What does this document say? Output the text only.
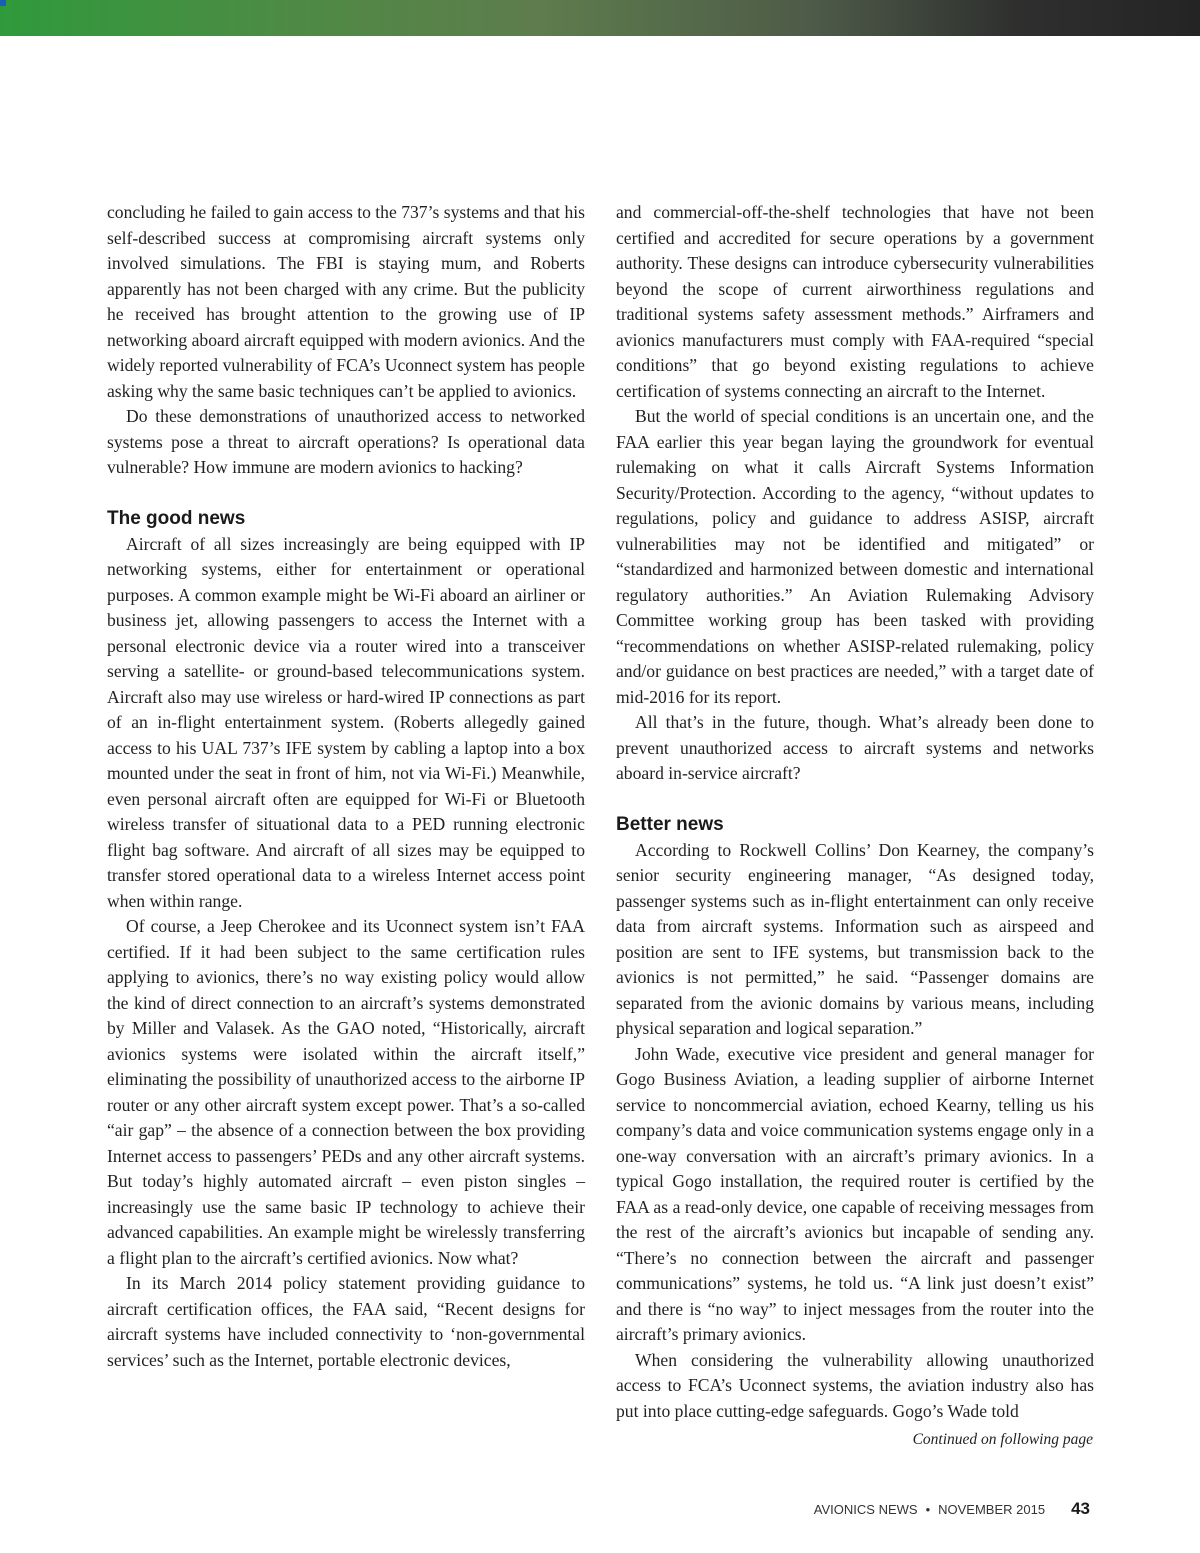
concluding he failed to gain access to the 737’s systems and that his self-described success at compromising aircraft systems only involved simulations. The FBI is staying mum, and Roberts apparently has not been charged with any crime. But the publicity he received has brought attention to the growing use of IP networking aboard aircraft equipped with modern avionics. And the widely reported vulnerability of FCA’s Uconnect system has people asking why the same basic techniques can’t be applied to avionics.

Do these demonstrations of unauthorized access to networked systems pose a threat to aircraft operations? Is operational data vulnerable? How immune are modern avionics to hacking?

The good news

Aircraft of all sizes increasingly are being equipped with IP networking systems, either for entertainment or operational purposes. A common example might be Wi-Fi aboard an airliner or business jet, allowing passengers to access the Internet with a personal electronic device via a router wired into a transceiver serving a satellite- or ground-based telecommunications system. Aircraft also may use wireless or hard-wired IP connections as part of an in-flight entertainment system. (Roberts allegedly gained access to his UAL 737’s IFE system by cabling a laptop into a box mounted under the seat in front of him, not via Wi-Fi.) Meanwhile, even personal aircraft often are equipped for Wi-Fi or Bluetooth wireless transfer of situational data to a PED running electronic flight bag software. And aircraft of all sizes may be equipped to transfer stored operational data to a wireless Internet access point when within range.

Of course, a Jeep Cherokee and its Uconnect system isn’t FAA certified. If it had been subject to the same certification rules applying to avionics, there’s no way existing policy would allow the kind of direct connection to an aircraft’s systems demonstrated by Miller and Valasek. As the GAO noted, “Historically, aircraft avionics systems were isolated within the aircraft itself,” eliminating the possibility of unauthorized access to the airborne IP router or any other aircraft system except power. That’s a so-called “air gap” – the absence of a connection between the box providing Internet access to passengers’ PEDs and any other aircraft systems. But today’s highly automated aircraft – even piston singles – increasingly use the same basic IP technology to achieve their advanced capabilities. An example might be wirelessly transferring a flight plan to the aircraft’s certified avionics. Now what?

In its March 2014 policy statement providing guidance to aircraft certification offices, the FAA said, “Recent designs for aircraft systems have included connectivity to ‘non-governmental services’ such as the Internet, portable electronic devices,

and commercial-off-the-shelf technologies that have not been certified and accredited for secure operations by a government authority. These designs can introduce cybersecurity vulnerabilities beyond the scope of current airworthiness regulations and traditional systems safety assessment methods.” Airframers and avionics manufacturers must comply with FAA-required “special conditions” that go beyond existing regulations to achieve certification of systems connecting an aircraft to the Internet.

But the world of special conditions is an uncertain one, and the FAA earlier this year began laying the groundwork for eventual rulemaking on what it calls Aircraft Systems Information Security/Protection. According to the agency, “without updates to regulations, policy and guidance to address ASISP, aircraft vulnerabilities may not be identified and mitigated” or “standardized and harmonized between domestic and international regulatory authorities.” An Aviation Rulemaking Advisory Committee working group has been tasked with providing “recommendations on whether ASISP-related rulemaking, policy and/or guidance on best practices are needed,” with a target date of mid-2016 for its report.

All that’s in the future, though. What’s already been done to prevent unauthorized access to aircraft systems and networks aboard in-service aircraft?

Better news

According to Rockwell Collins’ Don Kearney, the company’s senior security engineering manager, “As designed today, passenger systems such as in-flight entertainment can only receive data from aircraft systems. Information such as airspeed and position are sent to IFE systems, but transmission back to the avionics is not permitted,” he said. “Passenger domains are separated from the avionic domains by various means, including physical separation and logical separation.”

John Wade, executive vice president and general manager for Gogo Business Aviation, a leading supplier of airborne Internet service to noncommercial aviation, echoed Kearny, telling us his company’s data and voice communication systems engage only in a one-way conversation with an aircraft’s primary avionics. In a typical Gogo installation, the required router is certified by the FAA as a read-only device, one capable of receiving messages from the rest of the aircraft’s avionics but incapable of sending any. “There’s no connection between the aircraft and passenger communications” systems, he told us. “A link just doesn’t exist” and there is “no way” to inject messages from the router into the aircraft’s primary avionics.

When considering the vulnerability allowing unauthorized access to FCA’s Uconnect systems, the aviation industry also has put into place cutting-edge safeguards. Gogo’s Wade told

Continued on following page
AVIONICS NEWS • NOVEMBER 2015 43
